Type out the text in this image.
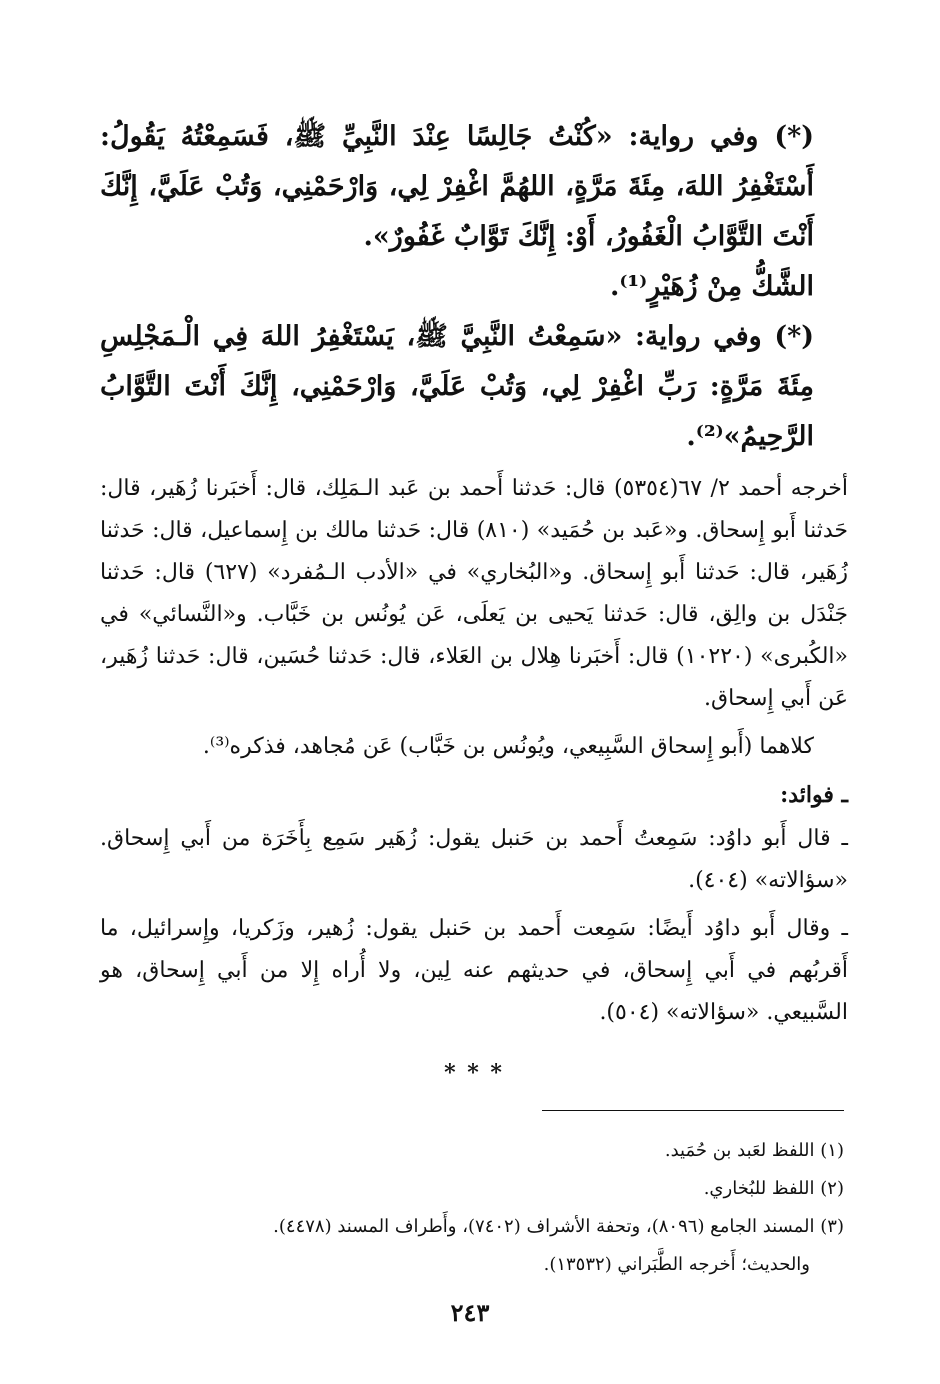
(*) وفي رواية: «كُنْتُ جَالِسًا عِنْدَ النَّبِيِّ ﷺ، فَسَمِعْتُهُ يَقُولُ: أَسْتَغْفِرُ اللهَ، مِئَةَ مَرَّةٍ، اللهُمَّ اغْفِرْ لِي، وَارْحَمْنِي، وَتُبْ عَلَيَّ، إِنَّكَ أَنْتَ التَّوَّابُ الْغَفُورُ، أَوْ: إِنَّكَ تَوَّابٌ غَفُورٌ».

الشَّكُّ مِنْ زُهَيْرٍ⁽¹⁾.

(*) وفي رواية: «سَمِعْتُ النَّبِيَّ ﷺ، يَسْتَغْفِرُ اللهَ فِي الْـمَجْلِسِ مِئَةَ مَرَّةٍ: رَبِّ اغْفِرْ لِي، وَتُبْ عَلَيَّ، وَارْحَمْنِي، إِنَّكَ أَنْتَ التَّوَّابُ الرَّحِيمُ»⁽²⁾.

أخرجه أحمد ٢/ ٦٧(٥٣٥٤) قال: حَدثنا أَحمد بن عَبد الـمَلِك، قال: أَخبَرنا زُهَير، قال: حَدثنا أَبو إِسحاق. و«عَبد بن حُمَيد» (٨١٠) قال: حَدثنا مالك بن إِسماعيل، قال: حَدثنا زُهَير، قال: حَدثنا أَبو إِسحاق. و«البُخاري» في «الأدب الـمُفرد» (٦٢٧) قال: حَدثنا جَنْدَل بن والِق، قال: حَدثنا يَحيى بن يَعلَى، عَن يُونُس بن خَبَّاب. و«النَّسائي» في «الكُبرى» (١٠٢٢٠) قال: أَخبَرنا هِلال بن العَلاء، قال: حَدثنا حُسَين، قال: حَدثنا زُهَير، عَن أَبي إِسحاق.

كلاهما (أَبو إِسحاق السَّبِيعي، ويُونُس بن خَبَّاب) عَن مُجاهد، فذكره⁽³⁾.

ـ فوائد:

ـ قال أَبو داوُد: سَمِعتُ أَحمد بن حَنبل يقول: زُهَير سَمِع بِأَخَرَة من أَبي إِسحاق. «سؤالاته» (٤٠٤).

ـ وقال أَبو داوُد أَيضًا: سَمِعت أَحمد بن حَنبل يقول: زُهير، وزَكريا، وإِسرائيل، ما أَقربُهم في أَبي إِسحاق، في حديثهم عنه لِين، ولا أُراه إِلا من أَبي إِسحاق، هو السَّبيعي. «سؤالاته» (٥٠٤).

* * *

(١) اللفظ لعَبد بن حُمَيد.

(٢) اللفظ للبُخاري.

(٣) المسند الجامع (٨٠٩٦)، وتحفة الأشراف (٧٤٠٢)، وأَطراف المسند (٤٤٧٨).

والحديث؛ أَخرجه الطَّبَراني (١٣٥٣٢).

٢٤٣
